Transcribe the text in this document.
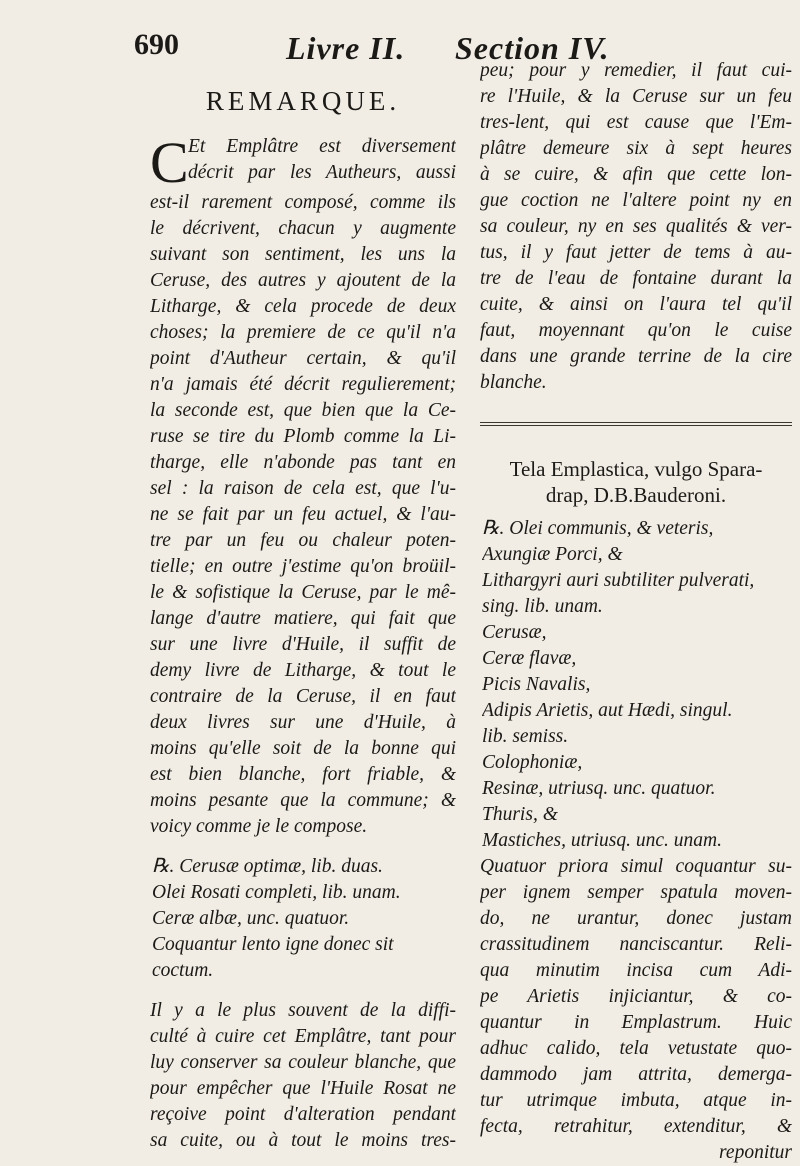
690	Livre II. Section IV.
REMARQUE.
C Et Emplâtre est diversement
décrit par les Autheurs, aussi
est-il rarement composé, comme ils
le décrivent, chacun y augmente
suivant son sentiment, les uns la
Ceruse, des autres y ajoutent de la
Litharge, & cela procede de deux
choses; la premiere de ce qu'il n'a
point d'Autheur certain, & qu'il
n'a jamais été décrit regulierement;
la seconde est, que bien que la Ce-
ruse se tire du Plomb comme la Li-
tharge, elle n'abonde pas tant en
sel : la raison de cela est, que l'u-
ne se fait par un feu actuel, & l'au-
tre par un feu ou chaleur poten-
tielle; en outre j'estime qu'on broüil-
le & sofistique la Ceruse, par le mê-
lange d'autre matiere, qui fait que
sur une livre d'Huile, il suffit de
demy livre de Litharge, & tout le
contraire de la Ceruse, il en faut
deux livres sur une d'Huile, à
moins qu'elle soit de la bonne qui
est bien blanche, fort friable, &
moins pesante que la commune; &
voicy comme je le compose.
℞. Cerusæ optimæ, lib. duas.
Olei Rosati completi, lib. unam.
Ceræ albæ, unc. quatuor.
Coquantur lento igne donec sit
coctum.
Il y a le plus souvent de la diffi-
culté à cuire cet Emplâtre, tant pour
luy conserver sa couleur blanche, que
pour empêcher que l'Huile Rosat ne
reçoive point d'alteration pendant
sa cuite, ou à tout le moins tres-
peu; pour y remedier, il faut cui-
re l'Huile, & la Ceruse sur un feu
tres-lent, qui est cause que l'Em-
plâtre demeure six à sept heures
à se cuire, & afin que cette lon-
gue coction ne l'altere point ny en
sa couleur, ny en ses qualités & ver-
tus, il y faut jetter de tems à au-
tre de l'eau de fontaine durant la
cuite, & ainsi on l'aura tel qu'il
faut, moyennant qu'on le cuise
dans une grande terrine de la cire
blanche.
Tela Emplastica, vulgo Spara-
drap, D.B.Bauderoni.
℞. Olei communis, & veteris,
Axungiæ Porci, &
Lithargyri auri subtiliter pulverati,
sing. lib. unam.
Cerusæ,
Ceræ flavæ,
Picis Navalis,
Adipis Arietis, aut Hædi, singul.
lib. semiss.
Colophoniæ,
Resinæ, utriusq. unc. quatuor.
Thuris, &
Mastiches, utriusq. unc. unam.
Quatuor priora simul coquantur su-
per ignem semper spatula moven-
do, ne urantur, donec justam
crassitudinem nanciscantur. Reli-
qua minutim incisa cum Adi-
pe Arietis injiciantur, & co-
quantur in Emplastrum. Huic
adhuc calido, tela vetustate quo-
dammodo jam attrita, demerga-
tur utrimque imbuta, atque in-
fecta, retrahitur, extenditur, &
reponitur
